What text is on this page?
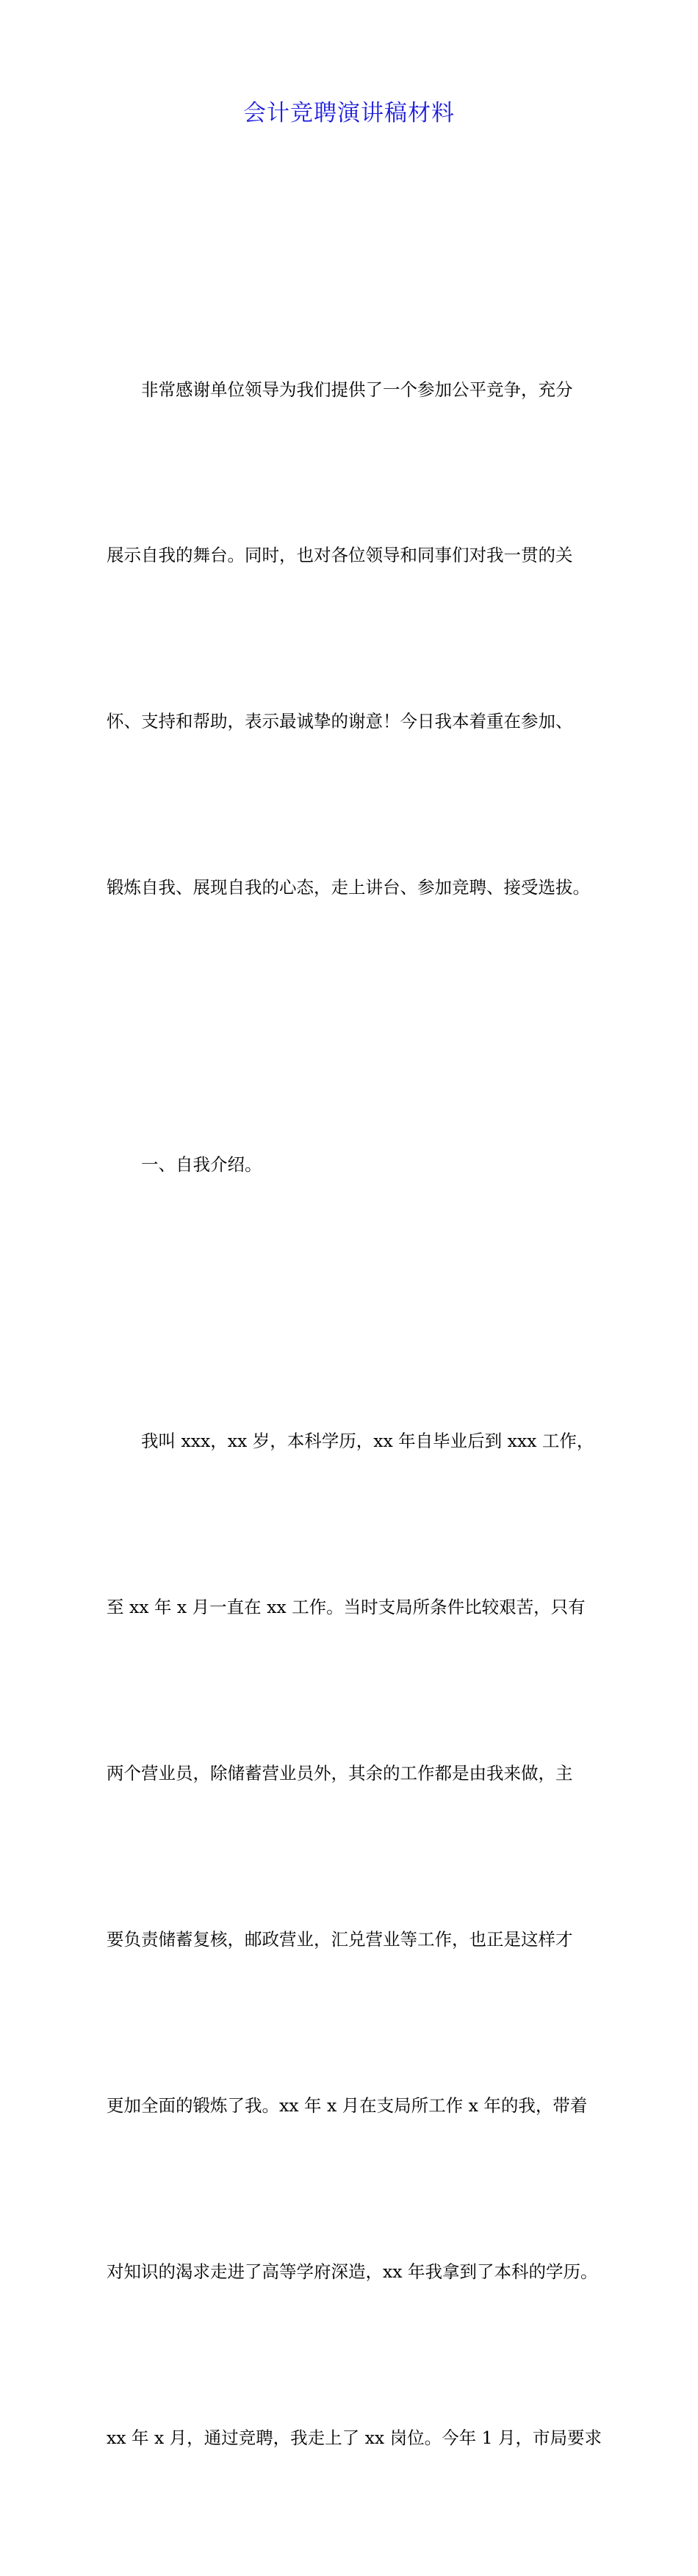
会计竞聘演讲稿材料

非常感谢单位领导为我们提供了一个参加公平竞争，充分

展示自我的舞台。同时，也对各位领导和同事们对我一贯的关

怀、支持和帮助，表示最诚挚的谢意！今日我本着重在参加、

锻炼自我、展现自我的心态，走上讲台、参加竞聘、接受选拔。

一、自我介绍。

我叫 xxx，xx 岁，本科学历，xx 年自毕业后到 xxx 工作，

至 xx 年 x 月一直在 xx 工作。当时支局所条件比较艰苦，只有

两个营业员，除储蓄营业员外，其余的工作都是由我来做，主

要负责储蓄复核，邮政营业，汇兑营业等工作，也正是这样才

更加全面的锻炼了我。xx 年 x 月在支局所工作 x 年的我，带着

对知识的渴求走进了高等学府深造，xx 年我拿到了本科的学历。

xx 年 x 月，通过竞聘，我走上了 xx 岗位。今年 1 月，市局要求
